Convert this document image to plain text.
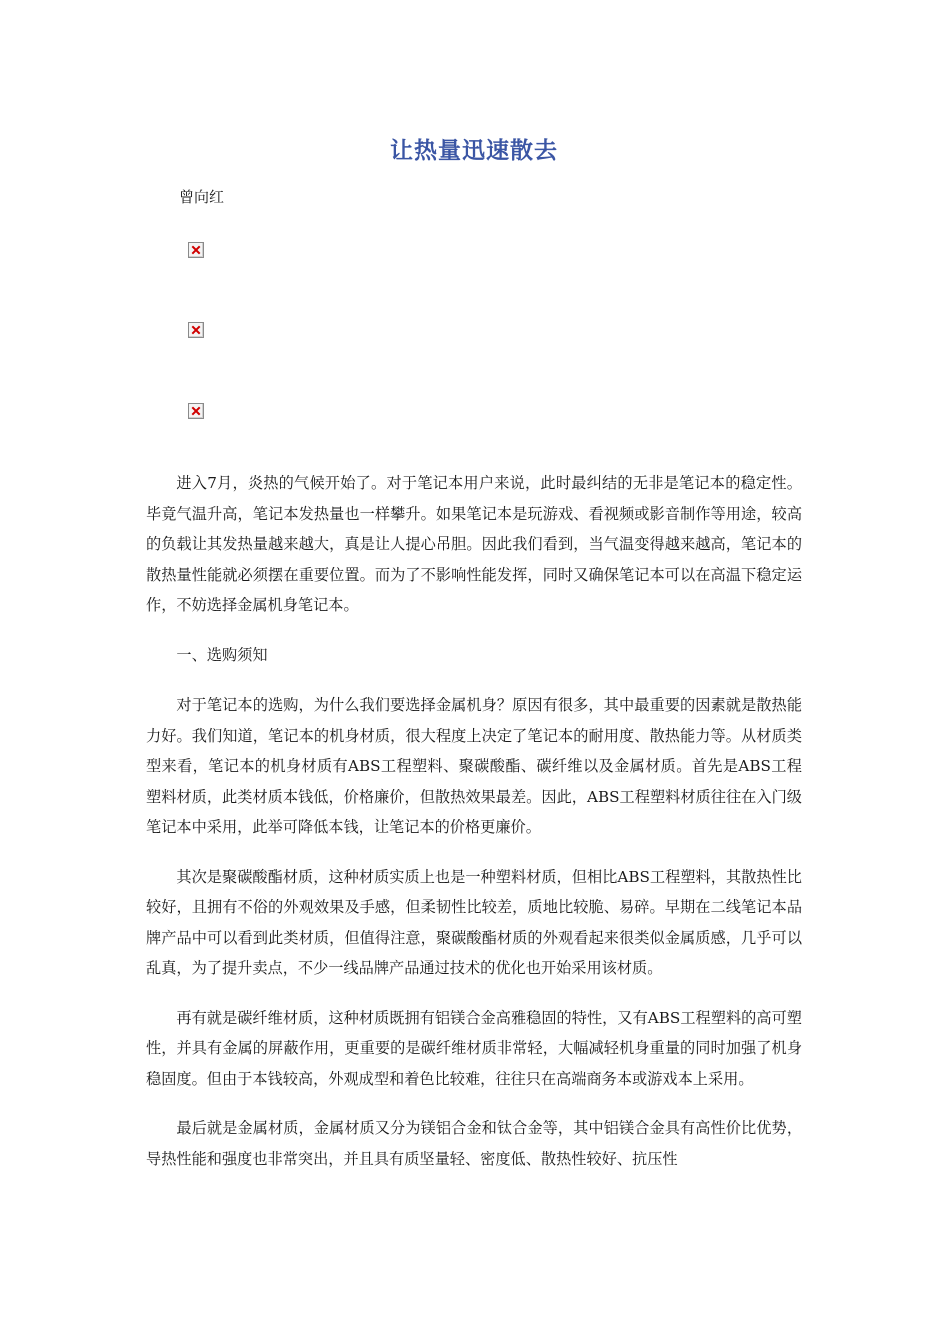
让热量迅速散去

曾向红

进入7月，炎热的气候开始了。对于笔记本用户来说，此时最纠结的无非是笔记本的稳定性。毕竟气温升高，笔记本发热量也一样攀升。如果笔记本是玩游戏、看视频或影音制作等用途，较高的负载让其发热量越来越大，真是让人提心吊胆。因此我们看到，当气温变得越来越高，笔记本的散热量性能就必须摆在重要位置。而为了不影响性能发挥，同时又确保笔记本可以在高温下稳定运作，不妨选择金属机身笔记本。

一、选购须知

对于笔记本的选购，为什么我们要选择金属机身？原因有很多，其中最重要的因素就是散热能力好。我们知道，笔记本的机身材质，很大程度上决定了笔记本的耐用度、散热能力等。从材质类型来看，笔记本的机身材质有ABS工程塑料、聚碳酸酯、碳纤维以及金属材质。首先是ABS工程塑料材质，此类材质本钱低，价格廉价，但散热效果最差。因此，ABS工程塑料材质往往在入门级笔记本中采用，此举可降低本钱，让笔记本的价格更廉价。

其次是聚碳酸酯材质，这种材质实质上也是一种塑料材质，但相比ABS工程塑料，其散热性比较好，且拥有不俗的外观效果及手感，但柔韧性比较差，质地比较脆、易碎。早期在二线笔记本品牌产品中可以看到此类材质，但值得注意，聚碳酸酯材质的外观看起来很类似金属质感，几乎可以乱真，为了提升卖点，不少一线品牌产品通过技术的优化也开始采用该材质。

再有就是碳纤维材质，这种材质既拥有铝镁合金高雅稳固的特性，又有ABS工程塑料的高可塑性，并具有金属的屏蔽作用，更重要的是碳纤维材质非常轻，大幅减轻机身重量的同时加强了机身稳固度。但由于本钱较高，外观成型和着色比较难，往往只在高端商务本或游戏本上采用。

最后就是金属材质，金属材质又分为镁铝合金和钛合金等，其中铝镁合金具有高性价比优势，导热性能和强度也非常突出，并且具有质坚量轻、密度低、散热性较好、抗压性
